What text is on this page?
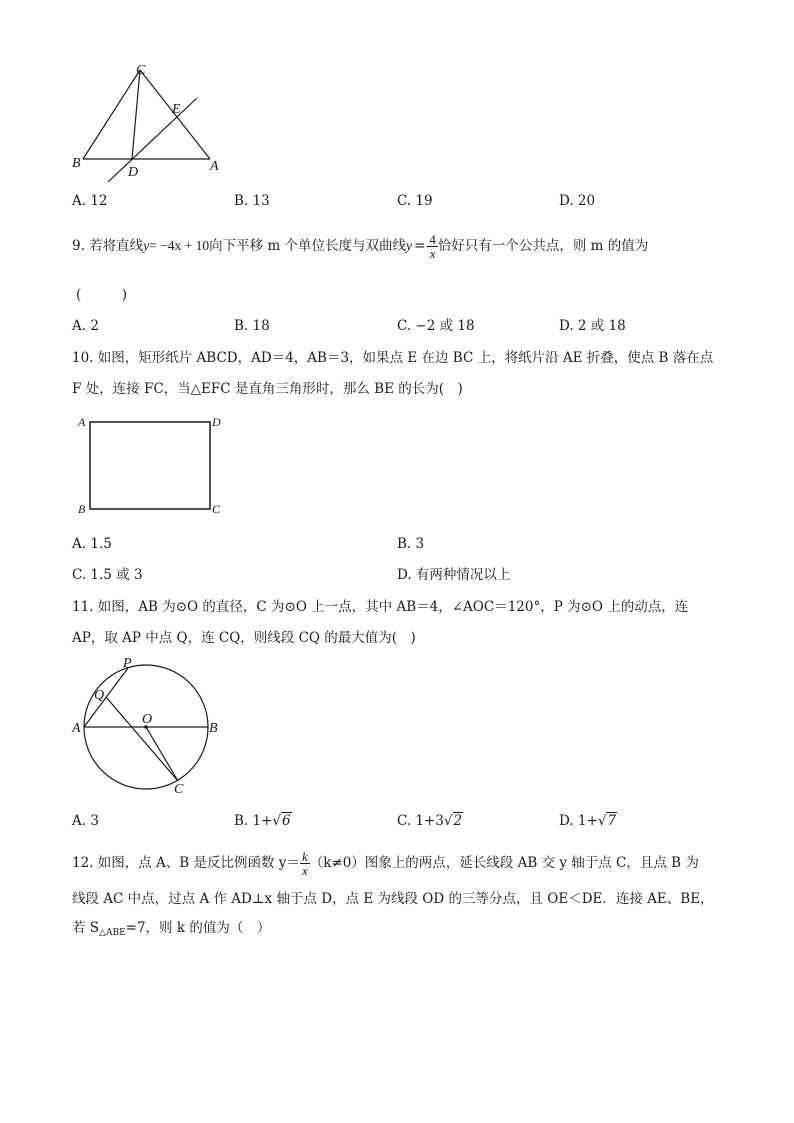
C
E
B
D	A
A. 12	B. 13	C. 19	D. 20
9. 若将直线y= −4x + 10向下平移 m 个单位长度与双曲线$y = \frac{4}{x}$ 恰好只有一个公共点，则 m 的值为
(　　　)
A. 2	B. 18	C. −2 或 18	D. 2 或 18
10. 如图，矩形纸片 ABCD，AD＝4，AB＝3，如果点 E 在边 BC 上，将纸片沿 AE 折叠，使点 B 落在点
F 处，连接 FC，当△EFC 是直角三角形时，那么 BE 的长为(　)
A	D
B	C
A. 1.5	B. 3
C. 1.5 或 3	D. 有两种情况以上
11. 如图，AB 为⊙O 的直径，C 为⊙O 上一点，其中 AB＝4，∠AOC＝120°，P 为⊙O 上的动点，连
AP，取 AP 中点 Q，连 CQ，则线段 CQ 的最大值为(　)
P
Q
O
A	B
C
A. 3	B. 1+√6	C. 1+3√2	D. 1+√7
12. 如图，点 A、B 是反比例函数 $y= \frac{k}{x} (k\ne 0)$图象上的两点，延长线段 AB 交 y 轴于点 C，且点 B 为
线段 AC 中点，过点 A 作 AD⊥x 轴于点 D，点 E 为线段 OD 的三等分点，且 OE＜DE．连接 AE、BE，
若 $S_{\triangle ABE}=7$，则 k 的值为（　）
